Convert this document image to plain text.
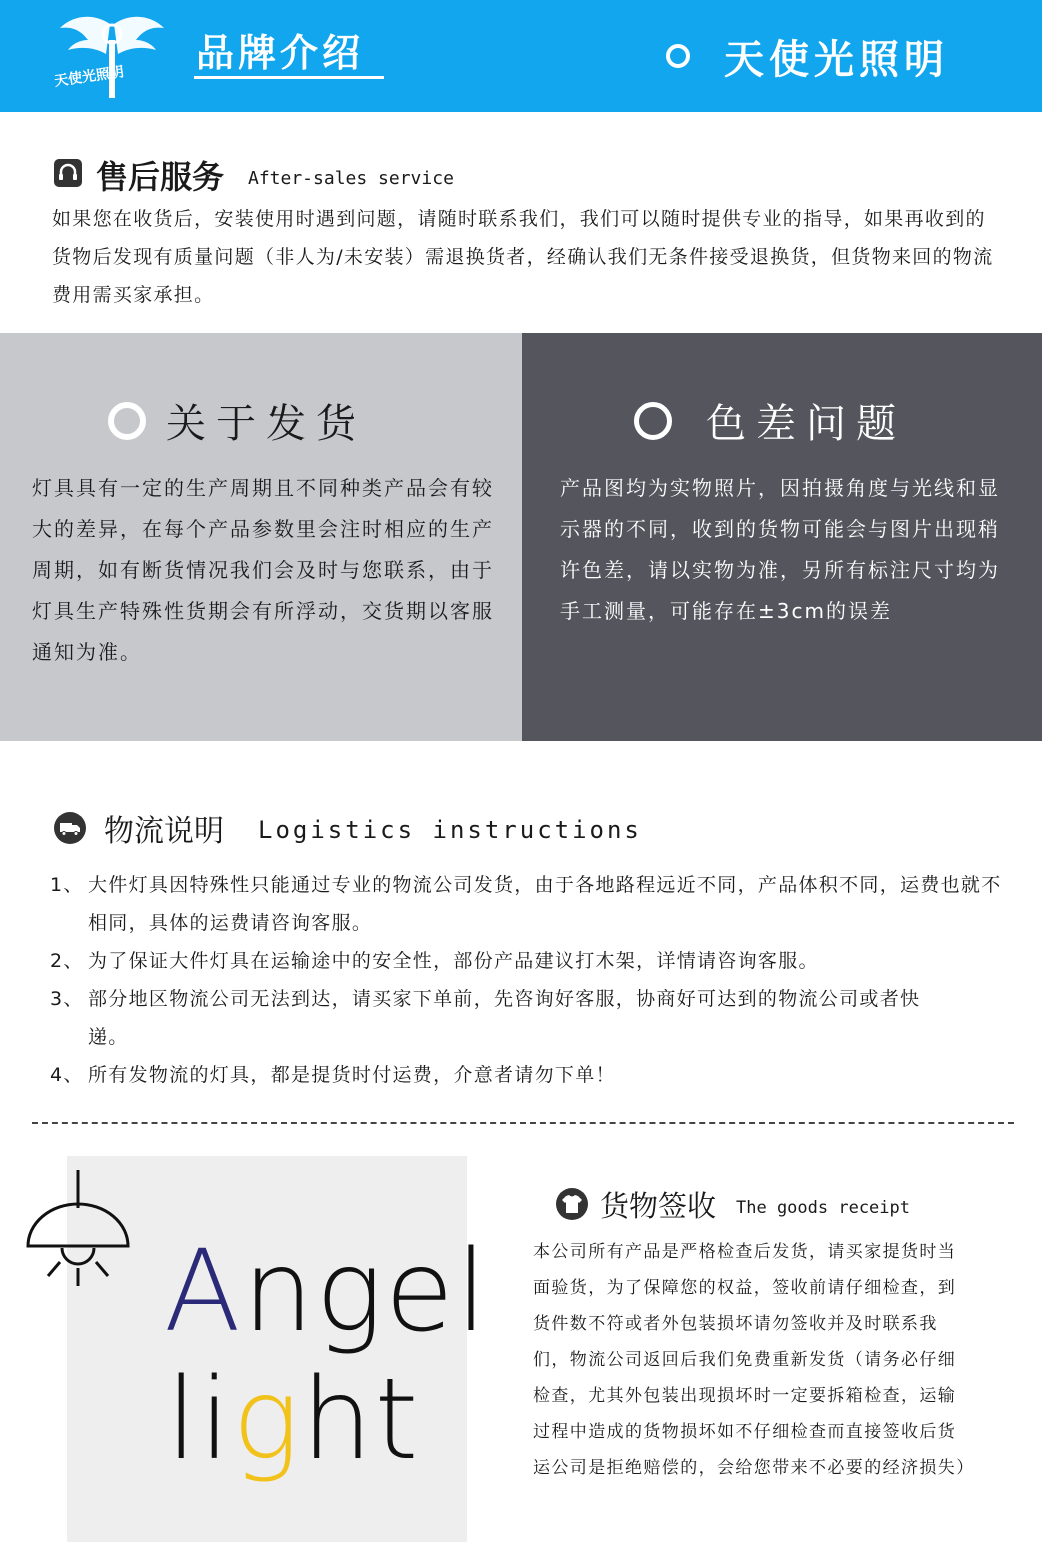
天使光照明
品牌介绍	天使光照明
售后服务 After-sales service
如果您在收货后，安装使用时遇到问题，请随时联系我们，我们可以随时提供专业的指导，如果再收到的货物后发现有质量问题（非人为/未安装）需退换货者，经确认我们无条件接受退换货，但货物来回的物流费用需买家承担。
关于发货
灯具具有一定的生产周期且不同种类产品会有较大的差异，在每个产品参数里会注时相应的生产周期，如有断货情况我们会及时与您联系，由于灯具生产特殊性货期会有所浮动，交货期以客服通知为准。
色差问题
产品图均为实物照片，因拍摄角度与光线和显示器的不同，收到的货物可能会与图片出现稍许色差，请以实物为准，另所有标注尺寸均为手工测量，可能存在±3cm的误差
物流说明 Logistics instructions
1、 大件灯具因特殊性只能通过专业的物流公司发货，由于各地路程远近不同，产品体积不同，运费也就不相同，具体的运费请咨询客服。
2、 为了保证大件灯具在运输途中的安全性，部份产品建议打木架，详情请咨询客服。
3、 部分地区物流公司无法到达，请买家下单前，先咨询好客服，协商好可达到的物流公司或者快递。
4、 所有发物流的灯具，都是提货时付运费，介意者请勿下单！
Angel
light
货物签收 The goods receipt
本公司所有产品是严格检查后发货，请买家提货时当面验货，为了保障您的权益，签收前请仔细检查，到货件数不符或者外包装损坏请勿签收并及时联系我们，物流公司返回后我们免费重新发货（请务必仔细检查，尤其外包装出现损坏时一定要拆箱检查，运输过程中造成的货物损坏如不仔细检查而直接签收后货运公司是拒绝赔偿的，会给您带来不必要的经济损失）
